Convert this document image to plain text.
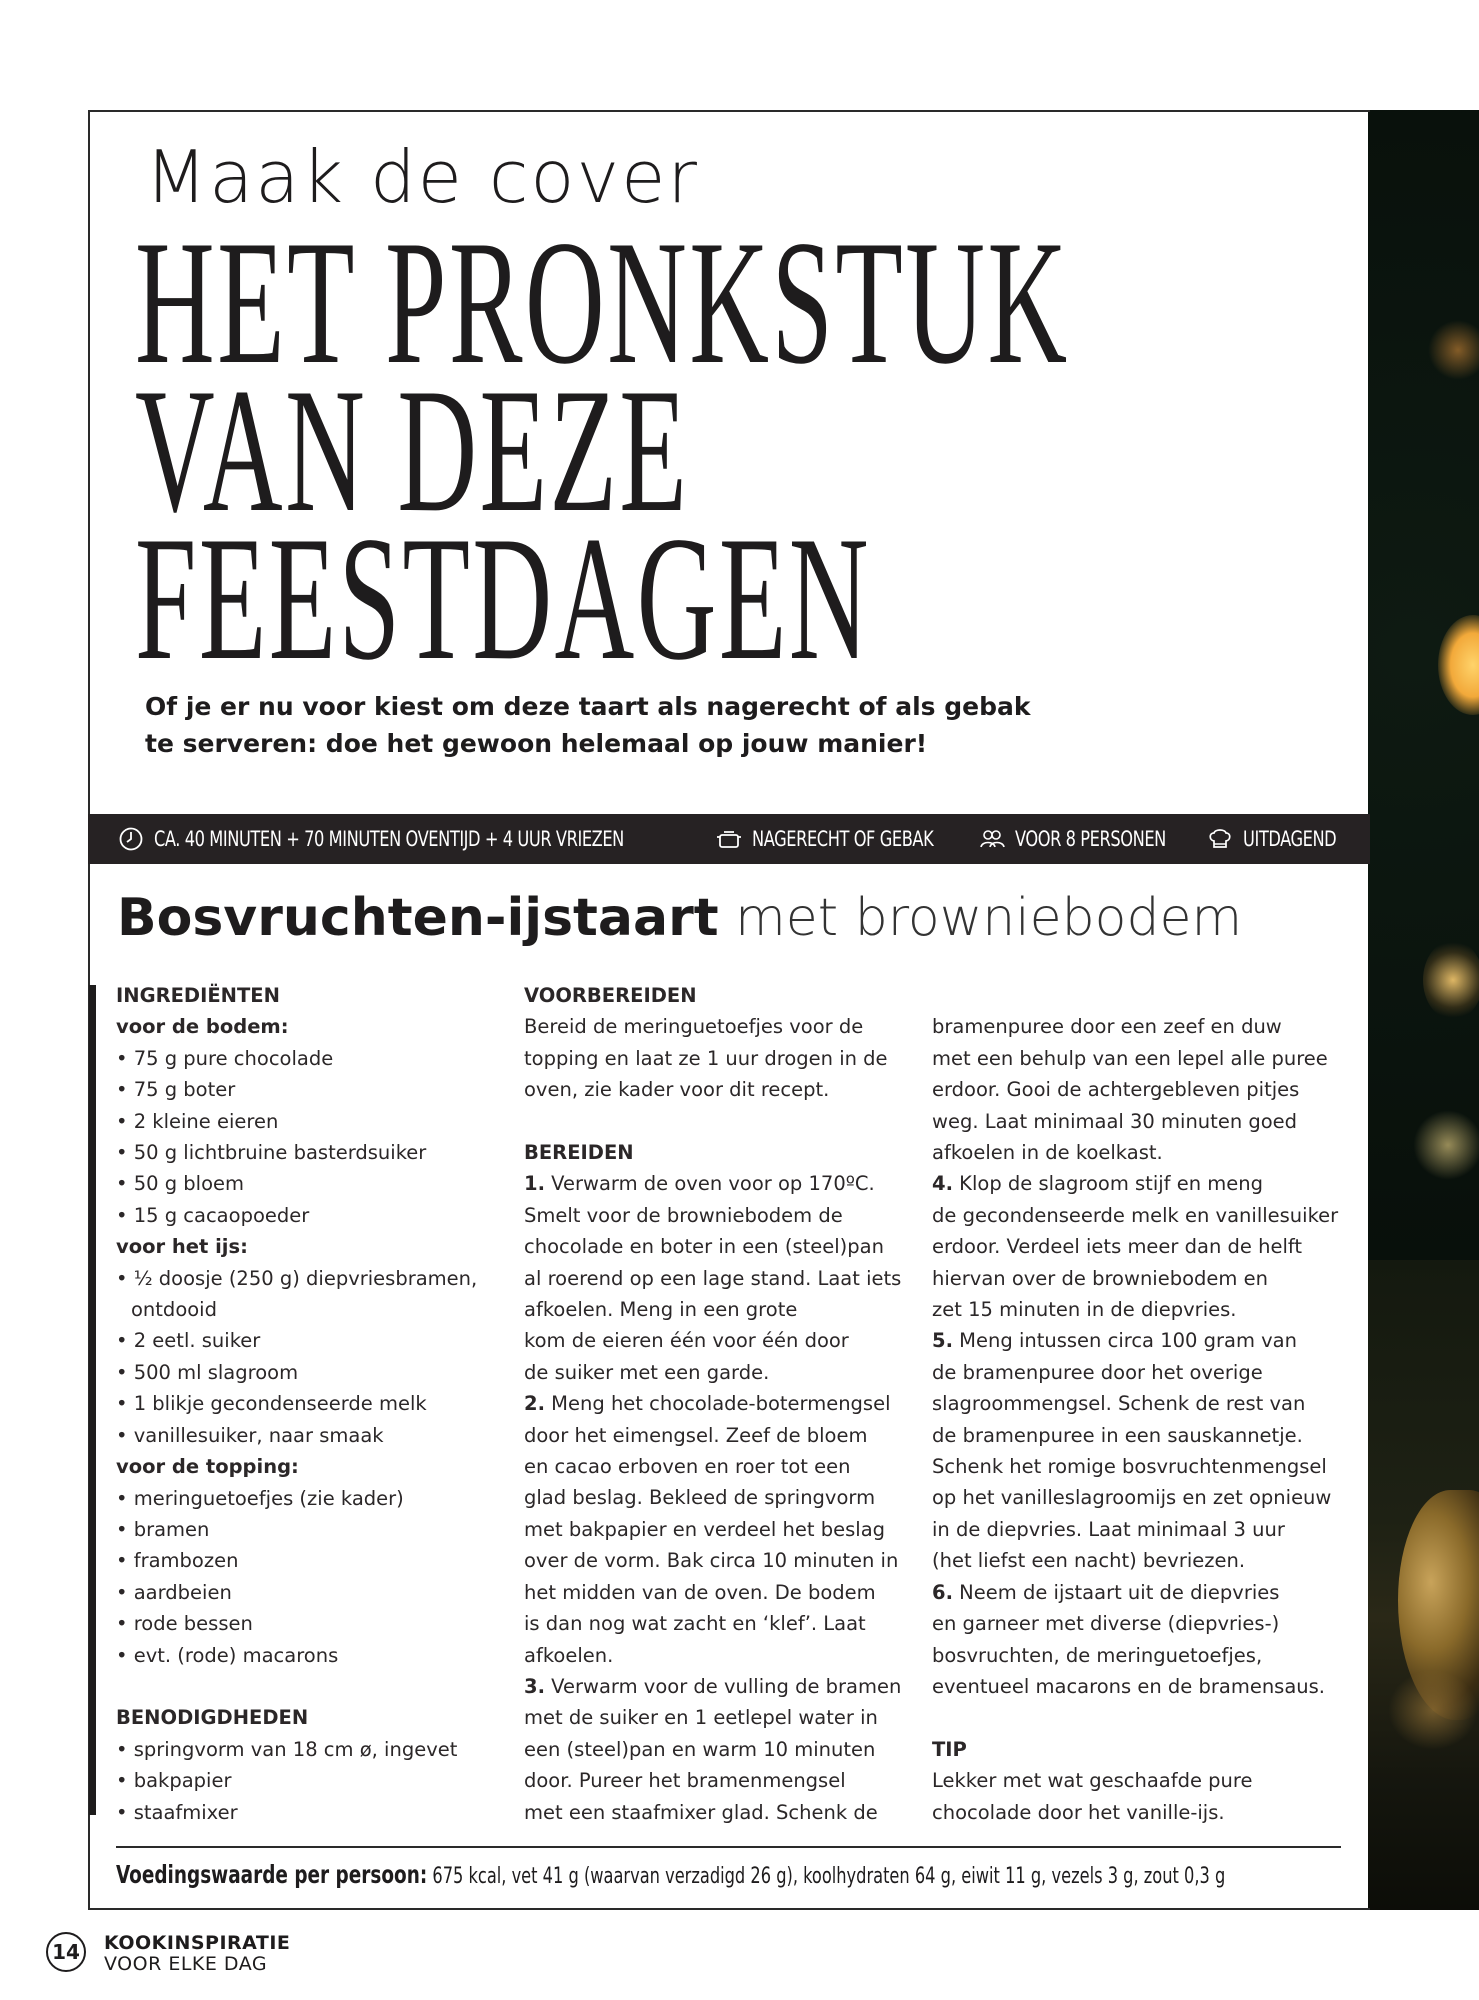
Maak de cover
HET PRONKSTUK
VAN DEZE
FEESTDAGEN
Of je er nu voor kiest om deze taart als nagerecht of als gebak te serveren: doe het gewoon helemaal op jouw manier!
CA. 40 MINUTEN + 70 MINUTEN OVENTIJD + 4 UUR VRIEZEN	NAGERECHT OF GEBAK	VOOR 8 PERSONEN	UITDAGEND
Bosvruchten-ijstaart met browniebodem
INGREDIËNTEN
voor de bodem:
• 75 g pure chocolade
• 75 g boter
• 2 kleine eieren
• 50 g lichtbruine basterdsuiker
• 50 g bloem
• 15 g cacaopoeder
voor het ijs:
• ½ doosje (250 g) diepvriesbramen,
ontdooid
• 2 eetl. suiker
• 500 ml slagroom
• 1 blikje gecondenseerde melk
• vanillesuiker, naar smaak
voor de topping:
• meringuetoefjes (zie kader)
• bramen
• frambozen
• aardbeien
• rode bessen
• evt. (rode) macarons
BENODIGDHEDEN
• springvorm van 18 cm ø, ingevet
• bakpapier
• staafmixer
VOORBEREIDEN
Bereid de meringuetoefjes voor de
topping en laat ze 1 uur drogen in de
oven, zie kader voor dit recept.
BEREIDEN
1. Verwarm de oven voor op 170ºC.
Smelt voor de browniebodem de
chocolade en boter in een (steel)pan
al roerend op een lage stand. Laat iets
afkoelen. Meng in een grote
kom de eieren één voor één door
de suiker met een garde.
2. Meng het chocolade-botermengsel
door het eimengsel. Zeef de bloem
en cacao erboven en roer tot een
glad beslag. Bekleed de springvorm
met bakpapier en verdeel het beslag
over de vorm. Bak circa 10 minuten in
het midden van de oven. De bodem
is dan nog wat zacht en ‘klef’. Laat
afkoelen.
3. Verwarm voor de vulling de bramen
met de suiker en 1 eetlepel water in
een (steel)pan en warm 10 minuten
door. Pureer het bramenmengsel
met een staafmixer glad. Schenk de
bramenpuree door een zeef en duw
met een behulp van een lepel alle puree
erdoor. Gooi de achtergebleven pitjes
weg. Laat minimaal 30 minuten goed
afkoelen in de koelkast.
4. Klop de slagroom stijf en meng
de gecondenseerde melk en vanillesuiker
erdoor. Verdeel iets meer dan de helft
hiervan over de browniebodem en
zet 15 minuten in de diepvries.
5. Meng intussen circa 100 gram van
de bramenpuree door het overige
slagroommengsel. Schenk de rest van
de bramenpuree in een sauskannetje.
Schenk het romige bosvruchtenmengsel
op het vanilleslagroomijs en zet opnieuw
in de diepvries. Laat minimaal 3 uur
(het liefst een nacht) bevriezen.
6. Neem de ijstaart uit de diepvries
en garneer met diverse (diepvries-)
bosvruchten, de meringuetoefjes,
eventueel macarons en de bramensaus.
TIP
Lekker met wat geschaafde pure
chocolade door het vanille-ijs.
Voedingswaarde per persoon: 675 kcal, vet 41 g (waarvan verzadigd 26 g), koolhydraten 64 g, eiwit 11 g, vezels 3 g, zout 0,3 g
14	KOOKINSPIRATIE
VOOR ELKE DAG
